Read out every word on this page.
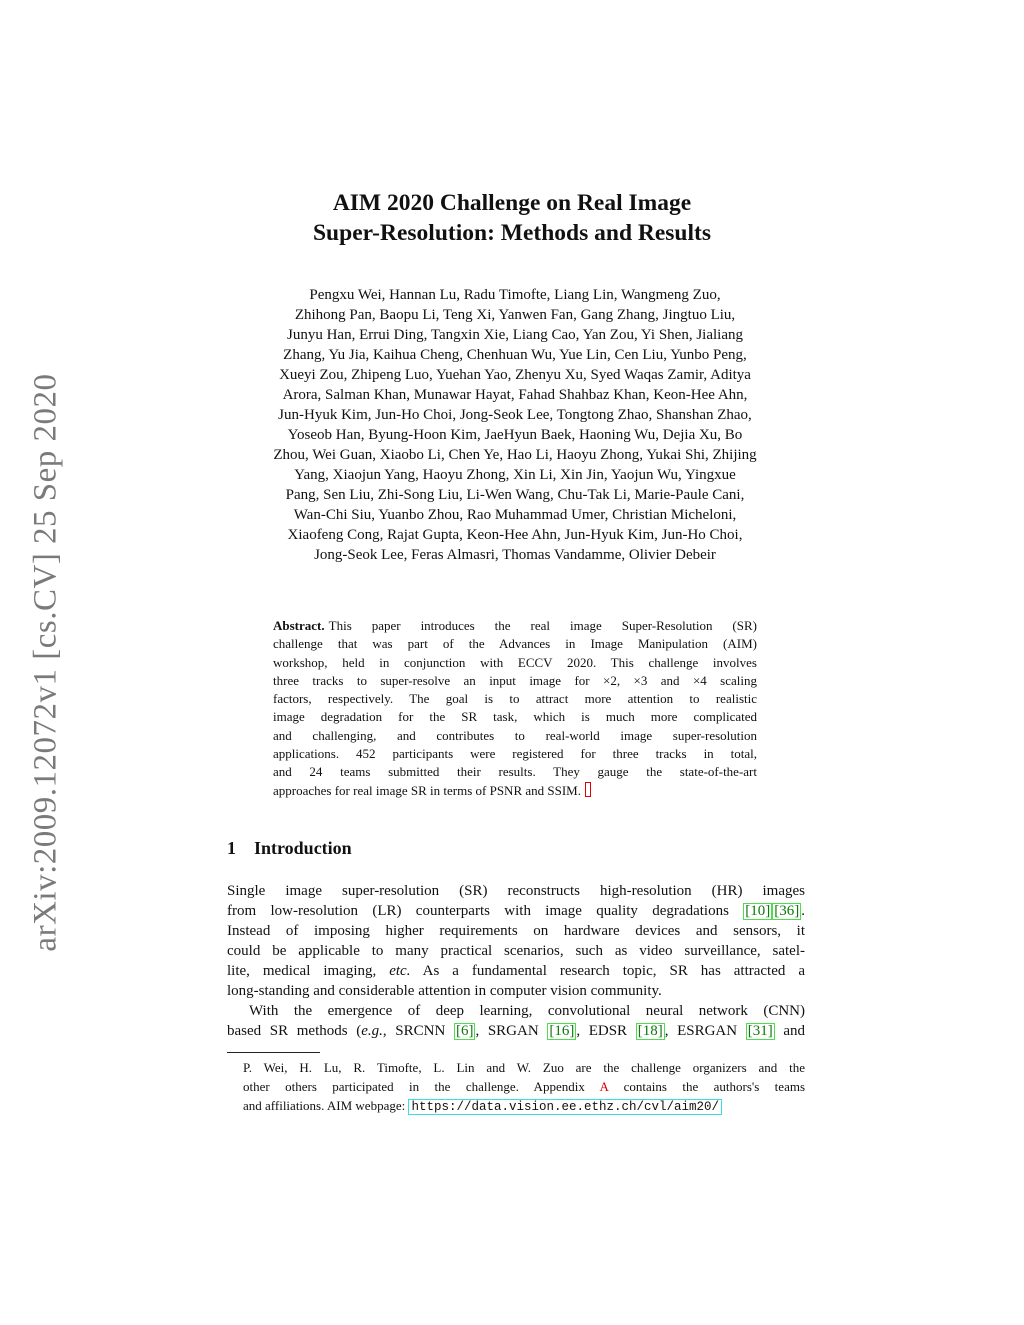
arXiv:2009.12072v1 [cs.CV] 25 Sep 2020
AIM 2020 Challenge on Real Image
Super-Resolution: Methods and Results
Pengxu Wei, Hannan Lu, Radu Timofte, Liang Lin, Wangmeng Zuo,
Zhihong Pan, Baopu Li, Teng Xi, Yanwen Fan, Gang Zhang, Jingtuo Liu,
Junyu Han, Errui Ding, Tangxin Xie, Liang Cao, Yan Zou, Yi Shen, Jialiang
Zhang, Yu Jia, Kaihua Cheng, Chenhuan Wu, Yue Lin, Cen Liu, Yunbo Peng,
Xueyi Zou, Zhipeng Luo, Yuehan Yao, Zhenyu Xu, Syed Waqas Zamir, Aditya
Arora, Salman Khan, Munawar Hayat, Fahad Shahbaz Khan, Keon-Hee Ahn,
Jun-Hyuk Kim, Jun-Ho Choi, Jong-Seok Lee, Tongtong Zhao, Shanshan Zhao,
Yoseob Han, Byung-Hoon Kim, JaeHyun Baek, Haoning Wu, Dejia Xu, Bo
Zhou, Wei Guan, Xiaobo Li, Chen Ye, Hao Li, Haoyu Zhong, Yukai Shi, Zhijing
Yang, Xiaojun Yang, Haoyu Zhong, Xin Li, Xin Jin, Yaojun Wu, Yingxue
Pang, Sen Liu, Zhi-Song Liu, Li-Wen Wang, Chu-Tak Li, Marie-Paule Cani,
Wan-Chi Siu, Yuanbo Zhou, Rao Muhammad Umer, Christian Micheloni,
Xiaofeng Cong, Rajat Gupta, Keon-Hee Ahn, Jun-Hyuk Kim, Jun-Ho Choi,
Jong-Seok Lee, Feras Almasri, Thomas Vandamme, Olivier Debeir
Abstract. This paper introduces the real image Super-Resolution (SR)
challenge that was part of the Advances in Image Manipulation (AIM)
workshop, held in conjunction with ECCV 2020. This challenge involves
three tracks to super-resolve an input image for ×2, ×3 and ×4 scaling
factors, respectively. The goal is to attract more attention to realistic
image degradation for the SR task, which is much more complicated
and challenging, and contributes to real-world image super-resolution
applications. 452 participants were registered for three tracks in total,
and 24 teams submitted their results. They gauge the state-of-the-art
approaches for real image SR in terms of PSNR and SSIM.
1 Introduction
Single image super-resolution (SR) reconstructs high-resolution (HR) images
from low-resolution (LR) counterparts with image quality degradations [10] [36] .
Instead of imposing higher requirements on hardware devices and sensors, it
could be applicable to many practical scenarios, such as video surveillance, satel-
lite, medical imaging, etc. As a fundamental research topic, SR has attracted a
long-standing and considerable attention in computer vision community.
With the emergence of deep learning, convolutional neural network (CNN)
based SR methods (e.g., SRCNN [6] , SRGAN [16] , EDSR [18] , ESRGAN [31] and
P. Wei, H. Lu, R. Timofte, L. Lin and W. Zuo are the challenge organizers and the
other others participated in the challenge. Appendix A contains the authors's teams
and affiliations. AIM webpage: https://data.vision.ee.ethz.ch/cvl/aim20/
